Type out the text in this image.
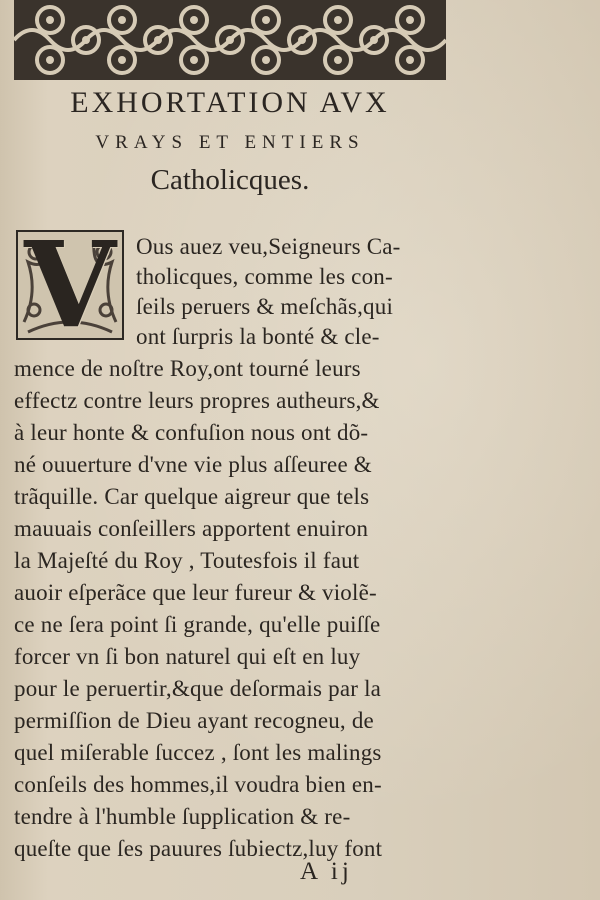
EXHORTATION AVX
VRAYS ET ENTIERS
Catholicques.
V Ous auez veu,Seigneurs Ca-
tholicques, comme les con-
ſeils peruers & meſchãs,qui
ont ſurpris la bonté & cle-
mence de noſtre Roy,ont tourné leurs
effectz contre leurs propres autheurs,&
à leur honte & confuſion nous ont dõ-
né ouuerture d'vne vie plus aſſeuree &
trãquille. Car quelque aigreur que tels
mauuais conſeillers apportent enuiron
la Majeſté du Roy , Toutesfois il faut
auoir eſperãce que leur fureur & violẽ-
ce ne ſera point ſi grande, qu'elle puiſſe
forcer vn ſi bon naturel qui eſt en luy
pour le peruertir,&que deſormais par la
permiſſion de Dieu ayant recogneu, de
quel miſerable ſuccez , ſont les malings
conſeils des hommes,il voudra bien en-
tendre à l'humble ſupplication & re-
queſte que ſes pauures ſubiectz,luy font
A ij
